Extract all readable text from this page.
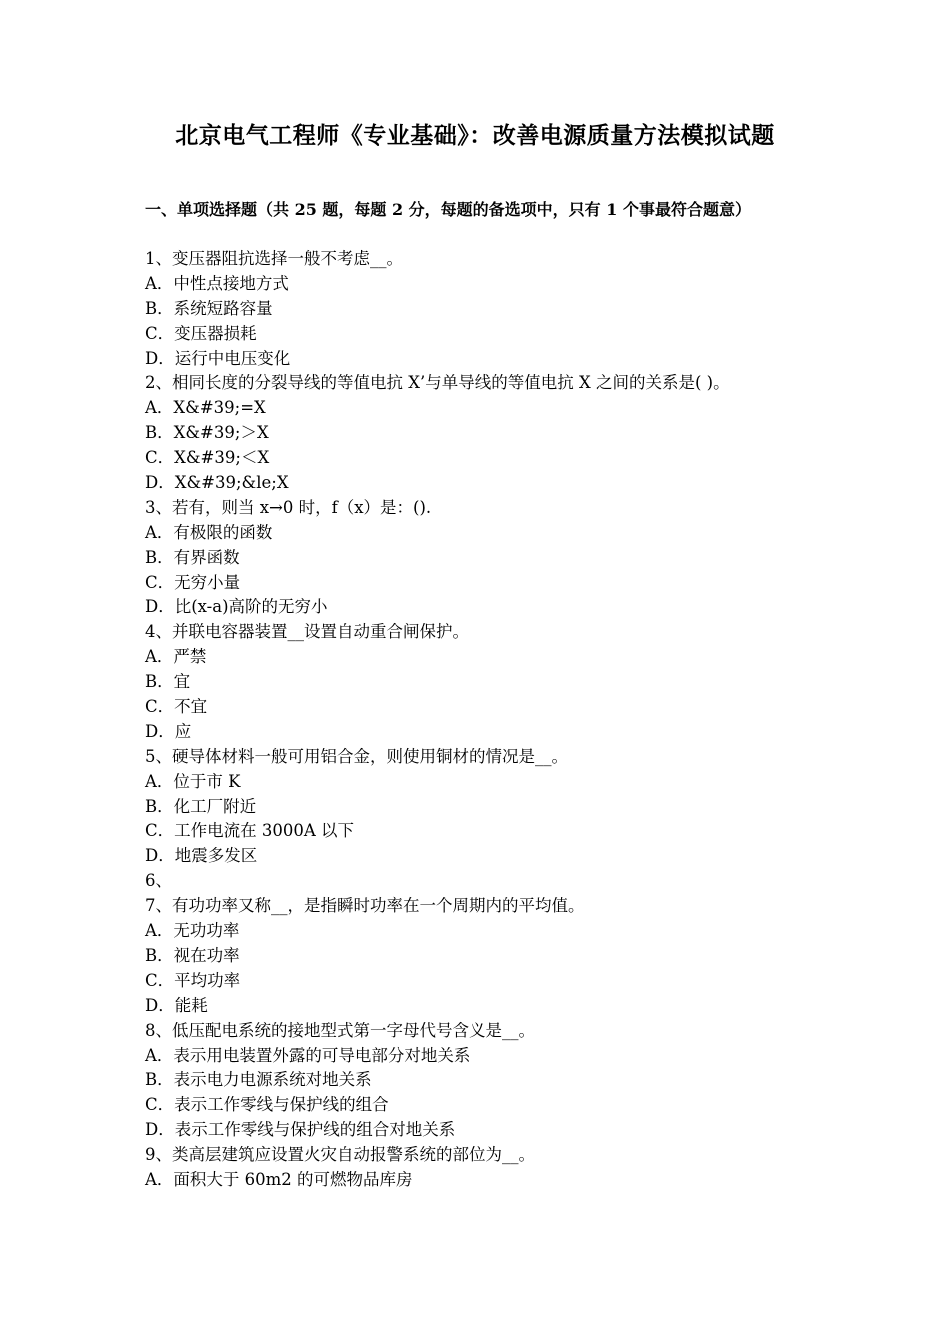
北京电气工程师《专业基础》：改善电源质量方法模拟试题
一、单项选择题（共 25 题，每题 2 分，每题的备选项中，只有 1 个事最符合题意）
1、变压器阻抗选择一般不考虑__。
A．中性点接地方式
B．系统短路容量
C．变压器损耗
D．运行中电压变化
2、相同长度的分裂导线的等值电抗 X’与单导线的等值电抗 X 之间的关系是( )。
A．X&#39;=X
B．X&#39;＞X
C．X&#39;＜X
D．X&#39;&le;X
3、若有，则当 x→0 时，f（x）是：().
A．有极限的函数
B．有界函数
C．无穷小量
D．比(x-a)高阶的无穷小
4、并联电容器装置__设置自动重合闸保护。
A．严禁
B．宜
C．不宜
D．应
5、硬导体材料一般可用铝合金，则使用铜材的情况是__。
A．位于市 K
B．化工厂附近
C．工作电流在 3000A 以下
D．地震多发区
6、
7、有功功率又称__，是指瞬时功率在一个周期内的平均值。
A．无功功率
B．视在功率
C．平均功率
D．能耗
8、低压配电系统的接地型式第一字母代号含义是__。
A．表示用电装置外露的可导电部分对地关系
B．表示电力电源系统对地关系
C．表示工作零线与保护线的组合
D．表示工作零线与保护线的组合对地关系
9、类高层建筑应设置火灾自动报警系统的部位为__。
A．面积大于 60m2 的可燃物品库房
